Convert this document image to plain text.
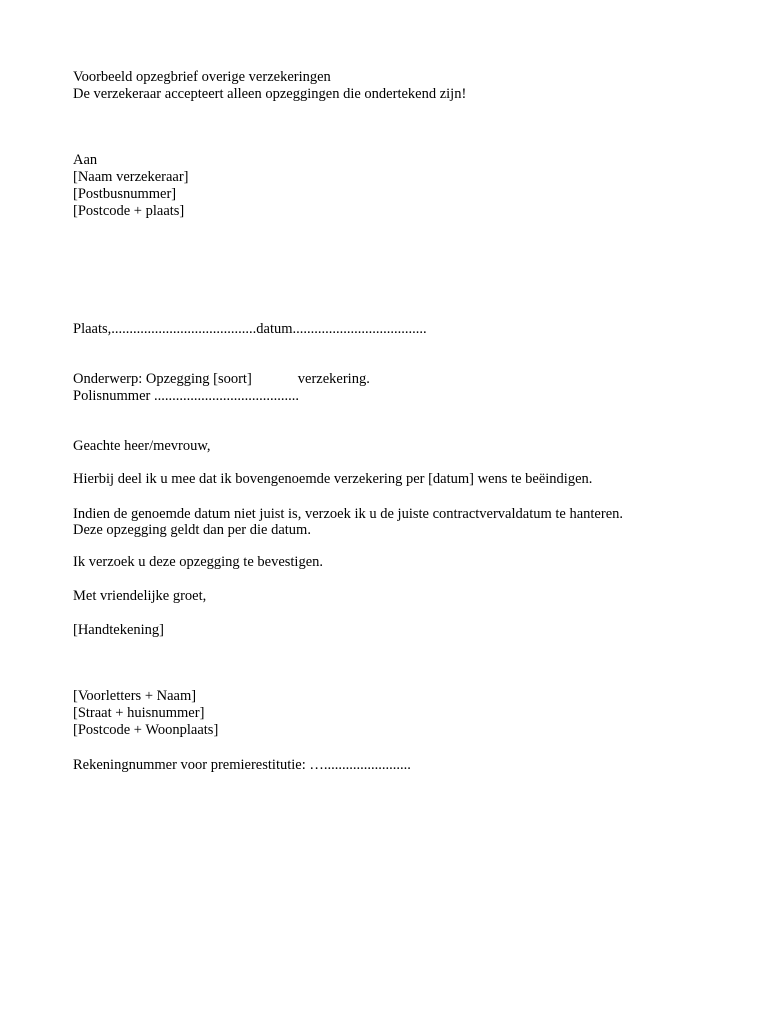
Voorbeeld opzegbrief overige verzekeringen

De verzekeraar accepteert alleen opzeggingen die ondertekend zijn!

Aan

[Naam verzekeraar]

[Postbusnummer]

[Postcode + plaats]

Plaats,........................................datum.....................................

Onderwerp: Opzegging [soort]	verzekering.

Polisnummer ........................................

Geachte heer/mevrouw,

Hierbij deel ik u mee dat ik bovengenoemde verzekering per [datum] wens te beëindigen.

Indien de genoemde datum niet juist is, verzoek ik u de juiste contractvervaldatum te hanteren.

Deze opzegging geldt dan per die datum.

Ik verzoek u deze opzegging te bevestigen.

Met vriendelijke groet,

[Handtekening]

[Voorletters + Naam]

[Straat + huisnummer]

[Postcode + Woonplaats]

Rekeningnummer voor premierestitutie: …........................
